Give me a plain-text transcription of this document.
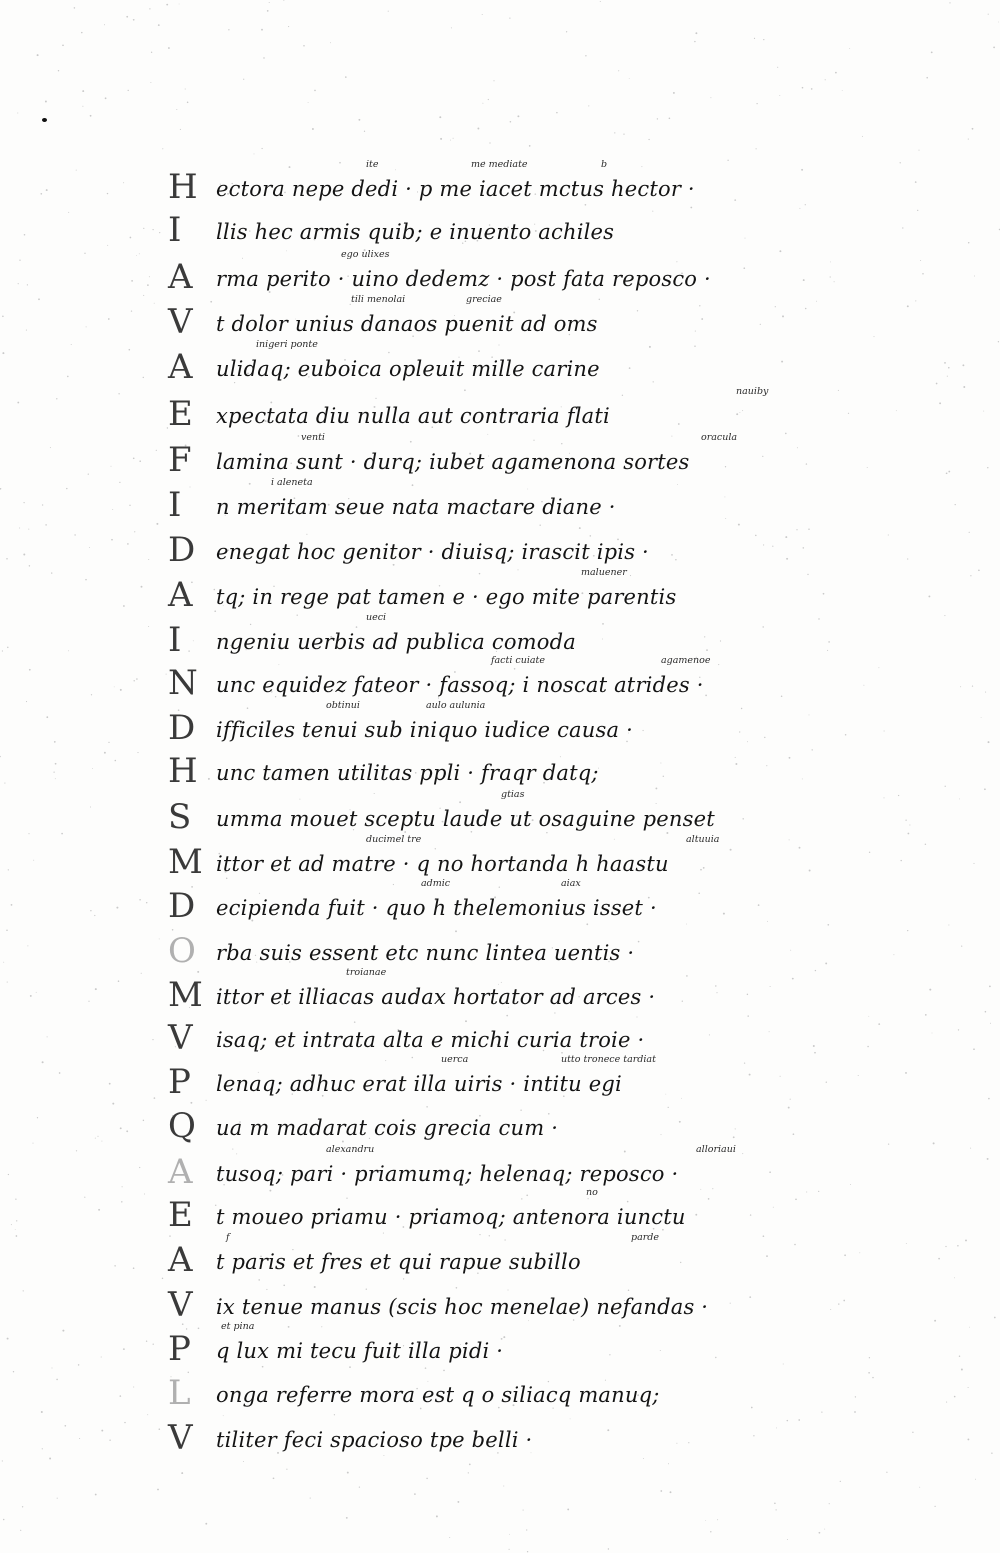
H ectora nepe dedi · p me iacet mctus hector ·
ite	me mediate	b
I	llis hec armis quib; e inuento achiles
A	rma perito · uino dedemz · post fata reposco ·
ego ulixes
V	t dolor unius danaos puenit ad oms
tili menolai	greciae
A	ulidaq; euboica opleuit mille carine
inigeri ponte
E	xpectata diu nulla aut contraria flati
nauiby
F	lamina sunt · durq; iubet agamenona sortes
venti	oracula
I	n meritam seue nata mactare diane ·
i aleneta
D enegat hoc genitor · diuisq; irascit ipis ·
A	tq; in rege pat tamen e · ego mite parentis
maluener
I	ngeniu uerbis ad publica comoda
ueci
N unc equidez fateor · fassoq; i noscat atrides ·
facti cuiate	agamenoe
D ifficiles tenui sub iniquo iudice causa ·
obtinui	aulo aulunia
H unc tamen utilitas ppli · fraqr datq;
S	umma mouet sceptu laude ut osaguine penset
gtias
M ittor et ad matre · q no hortanda h haastu
ducimel tre	altuuia
D ecipienda fuit · quo h thelemonius isset ·
admic	aiax
O rba suis essent etc nunc lintea uentis ·
M ittor et illiacas audax hortator ad arces ·
troianae
V	isaq; et intrata alta e michi curia troie ·
P	lenaq; adhuc erat illa uiris · intitu egi
uerca	utto tronece tardiat
Q ua m madarat cois grecia cum ·
A	tusoq; pari · priamumq; helenaq; reposco ·
alexandru	alloriaui
E	t moueo priamu · priamoq; antenora iunctu
no
A	t paris et fres et qui rapue subillo
f	parde
V	ix tenue manus (scis hoc menelae) nefandas ·
P	q lux mi tecu fuit illa pidi ·
et pina
L	onga referre mora est q o siliacq manuq;
V	tiliter feci spacioso tpe belli ·
